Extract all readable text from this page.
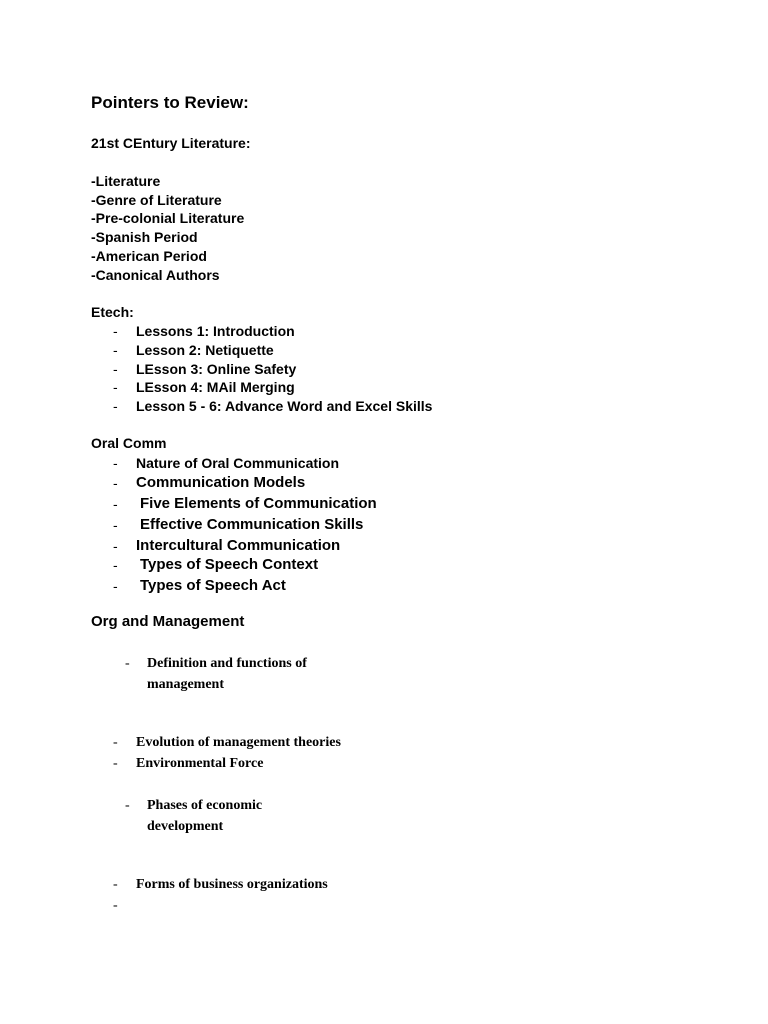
Pointers to Review:
21st CEntury Literature:
-Literature
-Genre of Literature
-Pre-colonial Literature
-Spanish Period
-American Period
-Canonical Authors
Etech:
- Lessons 1: Introduction
- Lesson 2: Netiquette
- LEsson 3: Online Safety
- LEsson 4: MAil Merging
- Lesson 5 - 6: Advance Word and Excel Skills
Oral Comm
- Nature of Oral Communication
- Communication Models
- Five Elements of Communication
- Effective Communication Skills
- Intercultural Communication
- Types of Speech Context
- Types of Speech Act
Org and Management
- Definition and functions of
management
- Evolution of management theories
- Environmental Force
- Phases of economic
development
- Forms of business organizations
-
